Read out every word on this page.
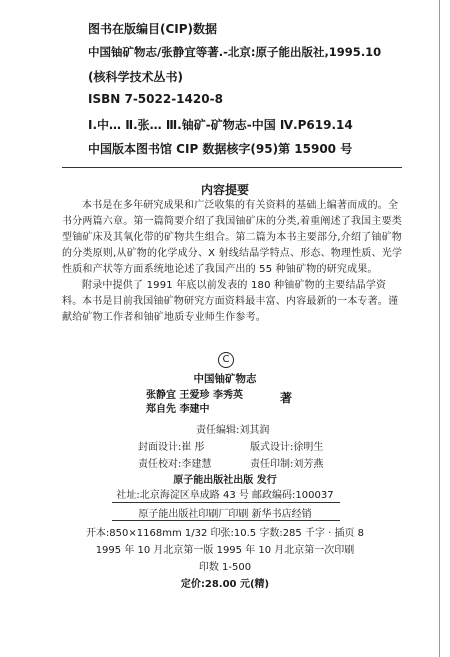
图书在版编目(CIP)数据
中国铀矿物志/张静宜等著.-北京:原子能出版社,1995.10
(核科学技术丛书)
ISBN 7-5022-1420-8
Ⅰ.中… Ⅱ.张… Ⅲ.铀矿-矿物志-中国 Ⅳ.P619.14
中国版本图书馆 CIP 数据核字(95)第 15900 号
内容提要
本书是在多年研究成果和广泛收集的有关资料的基础上编著而成的。全书分两篇六章。第一篇简要介绍了我国铀矿床的分类,着重阐述了我国主要类型铀矿床及其氧化带的矿物共生组合。第二篇为本书主要部分,介绍了铀矿物的分类原则,从矿物的化学成分、X 射线结晶学特点、形态、物理性质、光学性质和产状等方面系统地论述了我国产出的 55 种铀矿物的研究成果。
附录中提供了 1991 年底以前发表的 180 种铀矿物的主要结晶学资料。 本书是目前我国铀矿物研究方面资料最丰富、内容最新的一本专著。谨献给矿物工作者和铀矿地质专业师生作参考。
C
中国铀矿物志
张静宜 王爱珍 李秀英
郑自先 李建中
著
责任编辑:刘其润
封面设计:崔 彤	版式设计:徐明生
责任校对:李建慧	责任印制:刘芳燕
原子能出版社出版 发行
社址:北京海淀区阜成路 43 号 邮政编码:100037
原子能出版社印刷厂印刷 新华书店经销
开本:850×1168mm 1/32 印张:10.5 字数:285 千字 · 插页 8
1995 年 10 月北京第一版 1995 年 10 月北京第一次印刷
印数 1-500
定价:28.00 元(精)
